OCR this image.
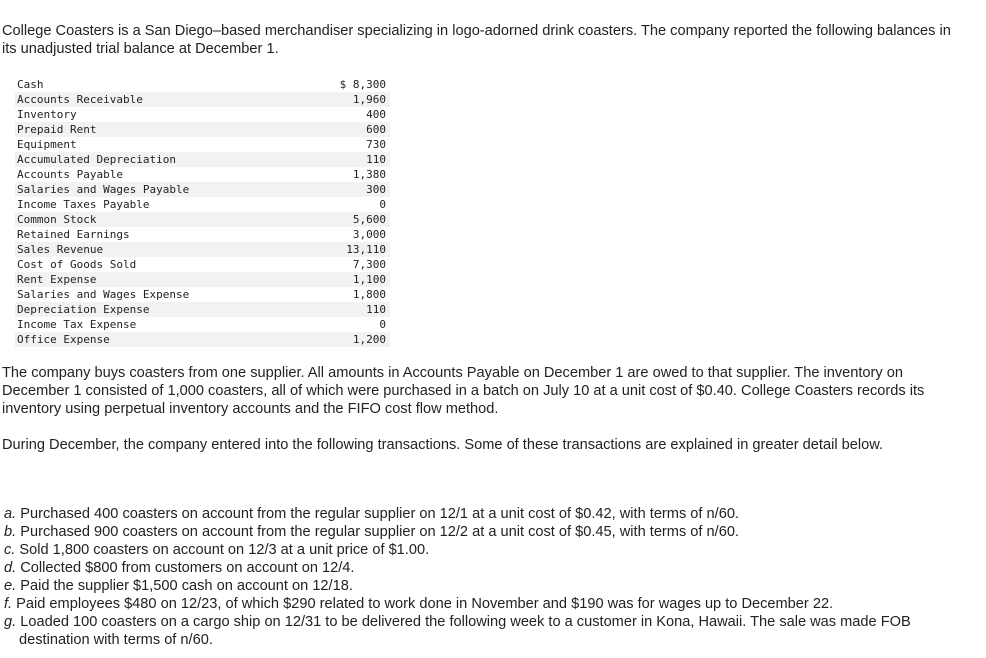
College Coasters is a San Diego–based merchandiser specializing in logo-adorned drink coasters. The company reported the following balances in its unadjusted trial balance at December 1.

Cash	$ 8,300
Accounts Receivable	1,960
Inventory	400
Prepaid Rent	600
Equipment	730
Accumulated Depreciation	110
Accounts Payable	1,380
Salaries and Wages Payable	300
Income Taxes Payable	0
Common Stock	5,600
Retained Earnings	3,000
Sales Revenue	13,110
Cost of Goods Sold	7,300
Rent Expense	1,100
Salaries and Wages Expense	1,800
Depreciation Expense	110
Income Tax Expense	0
Office Expense	1,200

The company buys coasters from one supplier. All amounts in Accounts Payable on December 1 are owed to that supplier. The inventory on December 1 consisted of 1,000 coasters, all of which were purchased in a batch on July 10 at a unit cost of $0.40. College Coasters records its inventory using perpetual inventory accounts and the FIFO cost flow method.

During December, the company entered into the following transactions. Some of these transactions are explained in greater detail below.

a. Purchased 400 coasters on account from the regular supplier on 12/1 at a unit cost of $0.42, with terms of n/60.
b. Purchased 900 coasters on account from the regular supplier on 12/2 at a unit cost of $0.45, with terms of n/60.
c. Sold 1,800 coasters on account on 12/3 at a unit price of $1.00.
d. Collected $800 from customers on account on 12/4.
e. Paid the supplier $1,500 cash on account on 12/18.
f. Paid employees $480 on 12/23, of which $290 related to work done in November and $190 was for wages up to December 22.
g. Loaded 100 coasters on a cargo ship on 12/31 to be delivered the following week to a customer in Kona, Hawaii. The sale was made FOB destination with terms of n/60.
